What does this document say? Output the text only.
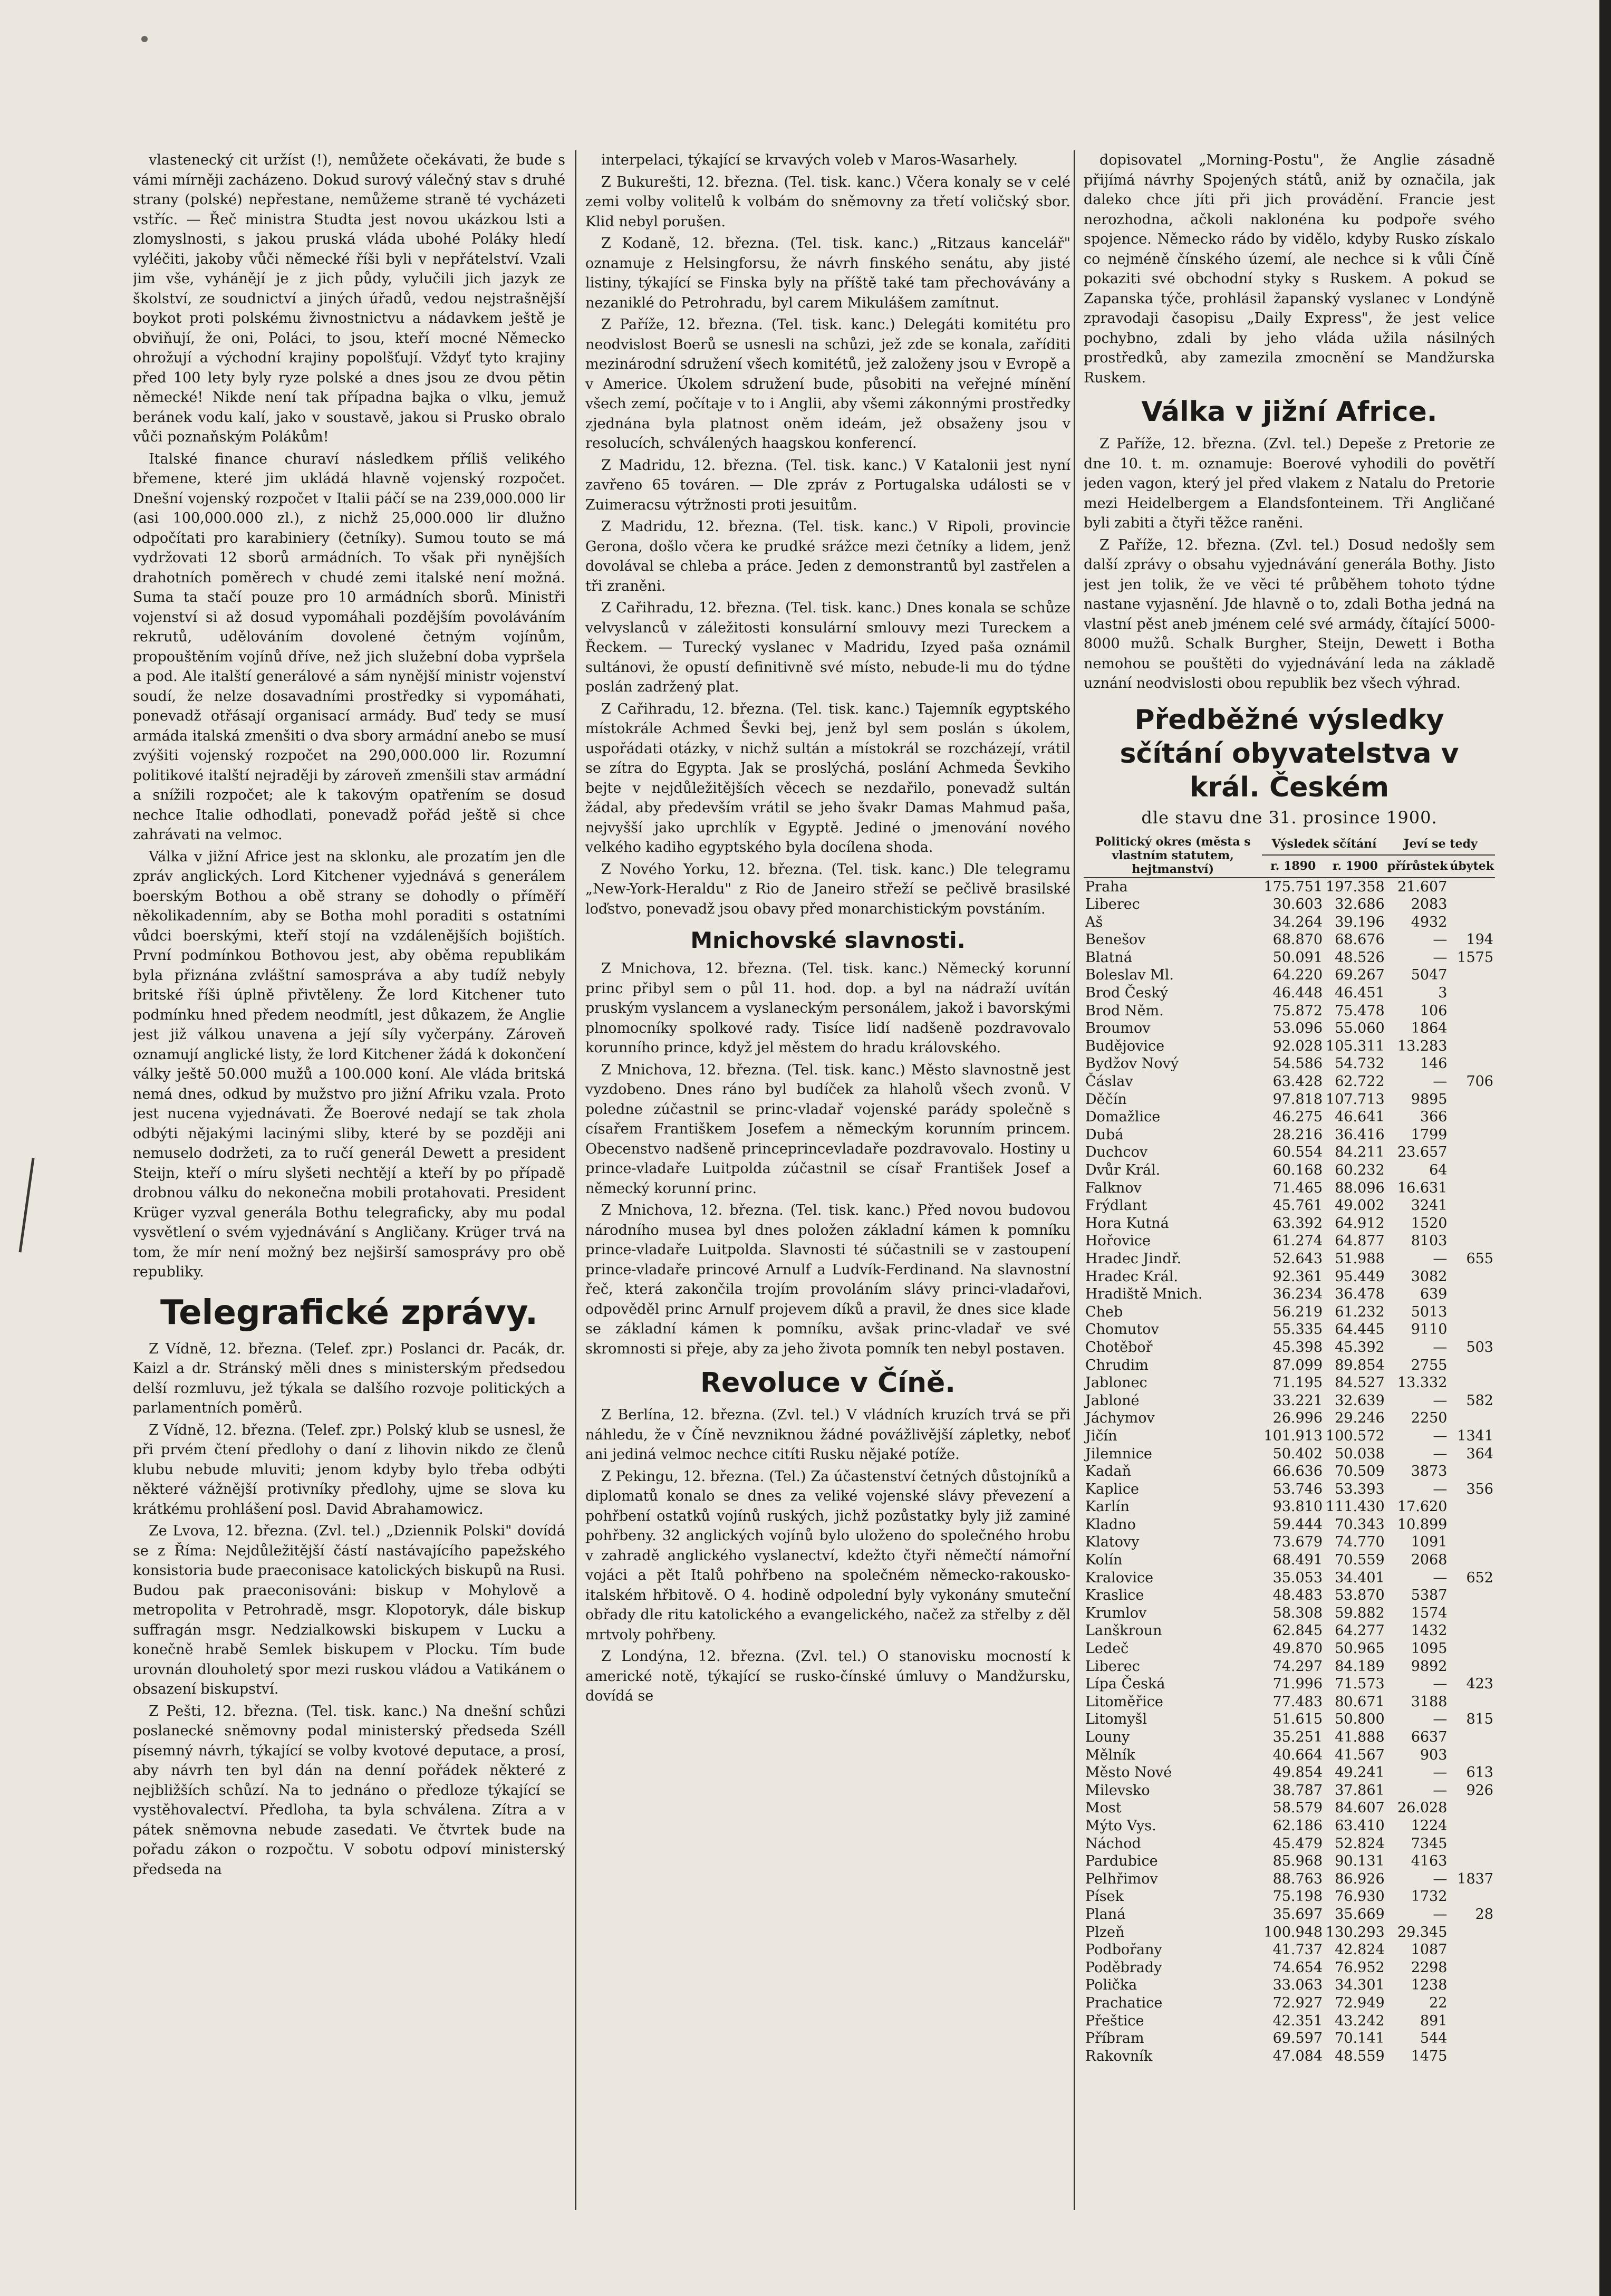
vlastenecký cit uržíst (!), nemůžete očekávati, že bude s vámi mírněji zacházeno. Dokud surový válečný stav s druhé strany (polské) nepřestane, nemůžeme straně té vycházeti vstříc. — Řeč ministra Studta jest novou ukázkou lsti a zlomyslnosti, s jakou pruská vláda ubohé Poláky hledí vyléčiti, jakoby vůči německé říši byli v nepřátelství. Vzali jim vše, vyhánějí je z jich půdy, vylučili jich jazyk ze školství, ze soudnictví a jiných úřadů, vedou nejstrašnější boykot proti polskému živnostnictvu a nádavkem ještě je obviňují, že oni, Poláci, to jsou, kteří mocné Německo ohrožují a východní krajiny popolšťují. Vždyť tyto krajiny před 100 lety byly ryze polské a dnes jsou ze dvou pětin německé! Nikde není tak případna bajka o vlku, jemuž beránek vodu kalí, jako v soustavě, jakou si Prusko obralo vůči poznaňským Polákům!

Italské finance churaví následkem příliš velikého břemene, které jim ukládá hlavně vojenský rozpočet. Dnešní vojenský rozpočet v Italii páčí se na 239,000.000 lir (asi 100,000.000 zl.), z nichž 25,000.000 lir dlužno odpočítati pro karabiniery (četníky). Sumou touto se má vydržovati 12 sborů armádních. To však při nynějších drahotních poměrech v chudé zemi italské není možná. Suma ta stačí pouze pro 10 armádních sborů. Ministři vojenství si až dosud vypomáhali pozdějším povoláváním rekrutů, udělováním dovolené četným vojínům, propouštěním vojínů dříve, než jich služební doba vypršela a pod. Ale italští generálové a sám nynější ministr vojenství soudí, že nelze dosavadními prostředky si vypomáhati, ponevadž otřásají organisací armády. Buď tedy se musí armáda italská zmenšiti o dva sbory armádní anebo se musí zvýšiti vojenský rozpočet na 290,000.000 lir. Rozumní politikové italští nejraději by zároveň zmenšili stav armádní a snížili rozpočet; ale k takovým opatřením se dosud nechce Italie odhodlati, ponevadž pořád ještě si chce zahrávati na velmoc.

Válka v jižní Africe jest na sklonku, ale prozatím jen dle zpráv anglických. Lord Kitchener vyjednává s generálem boerským Bothou a obě strany se dohodly o příměří několikadenním, aby se Botha mohl poraditi s ostatními vůdci boerskými, kteří stojí na vzdálenějších bojištích. První podmínkou Bothovou jest, aby oběma republikám byla přiznána zvláštní samospráva a aby tudíž nebyly britské říši úplně přivtěleny. Že lord Kitchener tuto podmínku hned předem neodmítl, jest důkazem, že Anglie jest již válkou unavena a její síly vyčerpány. Zároveň oznamují anglické listy, že lord Kitchener žádá k dokončení války ještě 50.000 mužů a 100.000 koní. Ale vláda britská nemá dnes, odkud by mužstvo pro jižní Afriku vzala. Proto jest nucena vyjednávati. Že Boerové nedají se tak zhola odbýti nějakými lacinými sliby, které by se později ani nemuselo dodržeti, za to ručí generál Dewett a president Steijn, kteří o míru slyšeti nechtějí a kteří by po případě drobnou válku do nekonečna mobili protahovati. President Krüger vyzval generála Bothu telegraficky, aby mu podal vysvětlení o svém vyjednávání s Angličany. Krüger trvá na tom, že mír není možný bez nejširší samosprávy pro obě republiky.

Telegrafické zprávy.

Z Vídně, 12. března. (Telef. zpr.) Poslanci dr. Pacák, dr. Kaizl a dr. Stránský měli dnes s ministerským předsedou delší rozmluvu, jež týkala se dalšího rozvoje politických a parlamentních poměrů.

Z Vídně, 12. března. (Telef. zpr.) Polský klub se usnesl, že při prvém čtení předlohy o daní z lihovin nikdo ze členů klubu nebude mluviti; jenom kdyby bylo třeba odbýti některé vážnější protivníky předlohy, ujme se slova ku krátkému prohlášení posl. David Abrahamowicz.

Ze Lvova, 12. března. (Zvl. tel.) „Dziennik Polski" dovídá se z Říma: Nejdůležitější částí nastávajícího papežského konsistoria bude praeconisace katolických biskupů na Rusi. Budou pak praeconisováni: biskup v Mohylově a metropolita v Petrohradě, msgr. Klopotoryk, dále biskup suffragán msgr. Nedzialkowski biskupem v Lucku a konečně hrabě Semlek biskupem v Plocku. Tím bude urovnán dlouholetý spor mezi ruskou vládou a Vatikánem o obsazení biskupství.

Z Pešti, 12. března. (Tel. tisk. kanc.) Na dnešní schůzi poslanecké sněmovny podal ministerský předseda Széll písemný návrh, týkající se volby kvotové deputace, a prosí, aby návrh ten byl dán na denní pořádek některé z nejbližších schůzí. Na to jednáno o předloze týkající se vystěhovalectví. Předloha, ta byla schválena. Zítra a v pátek sněmovna nebude zasedati. Ve čtvrtek bude na pořadu zákon o rozpočtu. V sobotu odpoví ministerský předseda na

interpelaci, týkající se krvavých voleb v Maros-Wasarhely.

Z Bukurešti, 12. března. (Tel. tisk. kanc.) Včera konaly se v celé zemi volby volitelů k volbám do sněmovny za třetí voličský sbor. Klid nebyl porušen.

Z Kodaně, 12. března. (Tel. tisk. kanc.) „Ritzaus kancelář" oznamuje z Helsingforsu, že návrh finského senátu, aby jisté listiny, týkající se Finska byly na příště také tam přechovávány a nezaniklé do Petrohradu, byl carem Mikulášem zamítnut.

Z Paříže, 12. března. (Tel. tisk. kanc.) Delegáti komitétu pro neodvislost Boerů se usnesli na schůzi, jež zde se konala, zaříditi mezinárodní sdružení všech komitétů, jež založeny jsou v Evropě a v Americe. Úkolem sdružení bude, působiti na veřejné mínění všech zemí, počítaje v to i Anglii, aby všemi zákonnými prostředky zjednána byla platnost oněm ideám, jež obsaženy jsou v resolucích, schválených haagskou konferencí.

Z Madridu, 12. března. (Tel. tisk. kanc.) V Katalonii jest nyní zavřeno 65 továren. — Dle zpráv z Portugalska události se v Zuimeracsu výtržnosti proti jesuitům.

Z Madridu, 12. března. (Tel. tisk. kanc.) V Ripoli, provincie Gerona, došlo včera ke prudké srážce mezi četníky a lidem, jenž dovolával se chleba a práce. Jeden z demonstrantů byl zastřelen a tři zraněni.

Z Cařihradu, 12. března. (Tel. tisk. kanc.) Dnes konala se schůze velvyslanců v záležitosti konsulární smlouvy mezi Tureckem a Řeckem. — Turecký vyslanec v Madridu, Izyed paša oznámil sultánovi, že opustí definitivně své místo, nebude-li mu do týdne poslán zadržený plat.

Z Cařihradu, 12. března. (Tel. tisk. kanc.) Tajemník egyptského místokrále Achmed Ševki bej, jenž byl sem poslán s úkolem, uspořádati otázky, v nichž sultán a místokrál se rozcházejí, vrátil se zítra do Egypta. Jak se proslýchá, poslání Achmeda Ševkiho bejte v nejdůležitějších věcech se nezdařilo, ponevadž sultán žádal, aby především vrátil se jeho švakr Damas Mahmud paša, nejvyšší jako uprchlík v Egyptě. Jediné o jmenování nového velkého kadiho egyptského byla docílena shoda.

Z Nového Yorku, 12. března. (Tel. tisk. kanc.) Dle telegramu „New-York-Heraldu" z Rio de Janeiro střeží se pečlivě brasilské loďstvo, ponevadž jsou obavy před monarchistickým povstáním.

Mnichovské slavnosti.

Z Mnichova, 12. března. (Tel. tisk. kanc.) Německý korunní princ přibyl sem o půl 11. hod. dop. a byl na nádraží uvítán pruským vyslancem a vyslaneckým personálem, jakož i bavorskými plnomocníky spolkové rady. Tisíce lidí nadšeně pozdravovalo korunního prince, když jel městem do hradu královského.

Z Mnichova, 12. března. (Tel. tisk. kanc.) Město slavnostně jest vyzdobeno. Dnes ráno byl budíček za hlaholů všech zvonů. V poledne zúčastnil se princ-vladař vojenské parády společně s císařem Františkem Josefem a německým korunním princem. Obecenstvo nadšeně princeprincevladaře pozdravovalo. Hostiny u prince-vladaře Luitpolda zúčastnil se císař František Josef a německý korunní princ.

Z Mnichova, 12. března. (Tel. tisk. kanc.) Před novou budovou národního musea byl dnes položen základní kámen k pomníku prince-vladaře Luitpolda. Slavnosti té súčastnili se v zastoupení prince-vladaře princové Arnulf a Ludvík-Ferdinand. Na slavnostní řeč, která zakončila trojím provoláním slávy princi-vladařovi, odpověděl princ Arnulf projevem díků a pravil, že dnes sice klade se základní kámen k pomníku, avšak princ-vladař ve své skromnosti si přeje, aby za jeho života pomník ten nebyl postaven.

Revoluce v Číně.

Z Berlína, 12. března. (Zvl. tel.) V vládních kruzích trvá se při náhledu, že v Číně nevzniknou žádné povážlivější zápletky, neboť ani jediná velmoc nechce citíti Rusku nějaké potíže.

Z Pekingu, 12. března. (Tel.) Za účastenství četných důstojníků a diplomatů konalo se dnes za veliké vojenské slávy převezení a pohřbení ostatků vojínů ruských, jichž pozůstatky byly již zaminé pohřbeny. 32 anglických vojínů bylo uloženo do společného hrobu v zahradě anglického vyslanectví, kdežto čtyři němečtí námořní vojáci a pět Italů pohřbeno na společném německo-rakousko-italském hřbitově. O 4. hodině odpolední byly vykonány smuteční obřady dle ritu katolického a evangelického, načež za střelby z děl mrtvoly pohřbeny.

Z Londýna, 12. března. (Zvl. tel.) O stanovisku mocností k americké notě, týkající se rusko-čínské úmluvy o Mandžursku, dovídá se

dopisovatel „Morning-Postu", že Anglie zásadně přijímá návrhy Spojených států, aniž by označila, jak daleko chce jíti při jich provádění. Francie jest nerozhodna, ačkoli naklonéna ku podpoře svého spojence. Německo rádo by vidělo, kdyby Rusko získalo co nejméně čínského území, ale nechce si k vůli Číně pokaziti své obchodní styky s Ruskem. A pokud se Zapanska týče, prohlásil žapanský vyslanec v Londýně zpravodaji časopisu „Daily Express", že jest velice pochybno, zdali by jeho vláda užila násilných prostředků, aby zamezila zmocnění se Mandžurska Ruskem.

Válka v jižní Africe.

Z Paříže, 12. března. (Zvl. tel.) Depeše z Pretorie ze dne 10. t. m. oznamuje: Boerové vyhodili do povětří jeden vagon, který jel před vlakem z Natalu do Pretorie mezi Heidelbergem a Elandsfonteinem. Tři Angličané byli zabiti a čtyři těžce raněni.

Z Paříže, 12. března. (Zvl. tel.) Dosud nedošly sem další zprávy o obsahu vyjednávání generála Bothy. Jisto jest jen tolik, že ve věci té průběhem tohoto týdne nastane vyjasnění. Jde hlavně o to, zdali Botha jedná na vlastní pěst aneb jménem celé své armády, čítající 5000-8000 mužů. Schalk Burgher, Steijn, Dewett i Botha nemohou se pouštěti do vyjednávání leda na základě uznání neodvislosti obou republik bez všech výhrad.

Předběžné výsledky sčítání obyvatelstva v král. Českém
dle stavu dne 31. prosince 1900.
Politický okres (města s vlastním statutem, hejtmanství)	Výsledek sčítání		Jeví se tedy	
	r. 1890	r. 1900	přírůstek	úbytek
Praha	175.751	197.358	21.607	
Liberec	30.603	32.686	2083	
Aš	34.264	39.196	4932	
Benešov	68.870	68.676	—	194
Blatná	50.091	48.526	—	1575
Boleslav Ml.	64.220	69.267	5047	
Brod Český	46.448	46.451	3	
Brod Něm.	75.872	75.478	106	
Broumov	53.096	55.060	1864	
Budějovice	92.028	105.311	13.283	
Bydžov Nový	54.586	54.732	146	
Čáslav	63.428	62.722	—	706
Děčín	97.818	107.713	9895	
Domažlice	46.275	46.641	366	
Dubá	28.216	36.416	1799	
Duchcov	60.554	84.211	23.657	
Dvůr Král.	60.168	60.232	64	
Falknov	71.465	88.096	16.631	
Frýdlant	45.761	49.002	3241	
Hora Kutná	63.392	64.912	1520	
Hořovice	61.274	64.877	8103	
Hradec Jindř.	52.643	51.988	—	655
Hradec Král.	92.361	95.449	3082	
Hradiště Mnich.	36.234	36.478	639	
Cheb	56.219	61.232	5013	
Chomutov	55.335	64.445	9110	
Chotěboř	45.398	45.392	—	503
Chrudim	87.099	89.854	2755	
Jablonec	71.195	84.527	13.332	
Jabloné	33.221	32.639	—	582
Jáchymov	26.996	29.246	2250	
Jičín	101.913	100.572	—	1341
Jilemnice	50.402	50.038	—	364
Kadaň	66.636	70.509	3873	
Kaplice	53.746	53.393	—	356
Karlín	93.810	111.430	17.620	
Kladno	59.444	70.343	10.899	
Klatovy	73.679	74.770	1091	
Kolín	68.491	70.559	2068	
Kralovice	35.053	34.401	—	652
Kraslice	48.483	53.870	5387	
Krumlov	58.308	59.882	1574	
Lanškroun	62.845	64.277	1432	
Ledeč	49.870	50.965	1095	
Liberec	74.297	84.189	9892	
Lípa Česká	71.996	71.573	—	423
Litoměřice	77.483	80.671	3188	
Litomyšl	51.615	50.800	—	815
Louny	35.251	41.888	6637	
Mělník	40.664	41.567	903	
Město Nové	49.854	49.241	—	613
Milevsko	38.787	37.861	—	926
Most	58.579	84.607	26.028	
Mýto Vys.	62.186	63.410	1224	
Náchod	45.479	52.824	7345	
Pardubice	85.968	90.131	4163	
Pelhřimov	88.763	86.926	—	1837
Písek	75.198	76.930	1732	
Planá	35.697	35.669	—	28
Plzeň	100.948	130.293	29.345	
Podbořany	41.737	42.824	1087	
Poděbrady	74.654	76.952	2298	
Polička	33.063	34.301	1238	
Prachatice	72.927	72.949	22	
Přeštice	42.351	43.242	891	
Příbram	69.597	70.141	544	
Rakovník	47.084	48.559	1475	
